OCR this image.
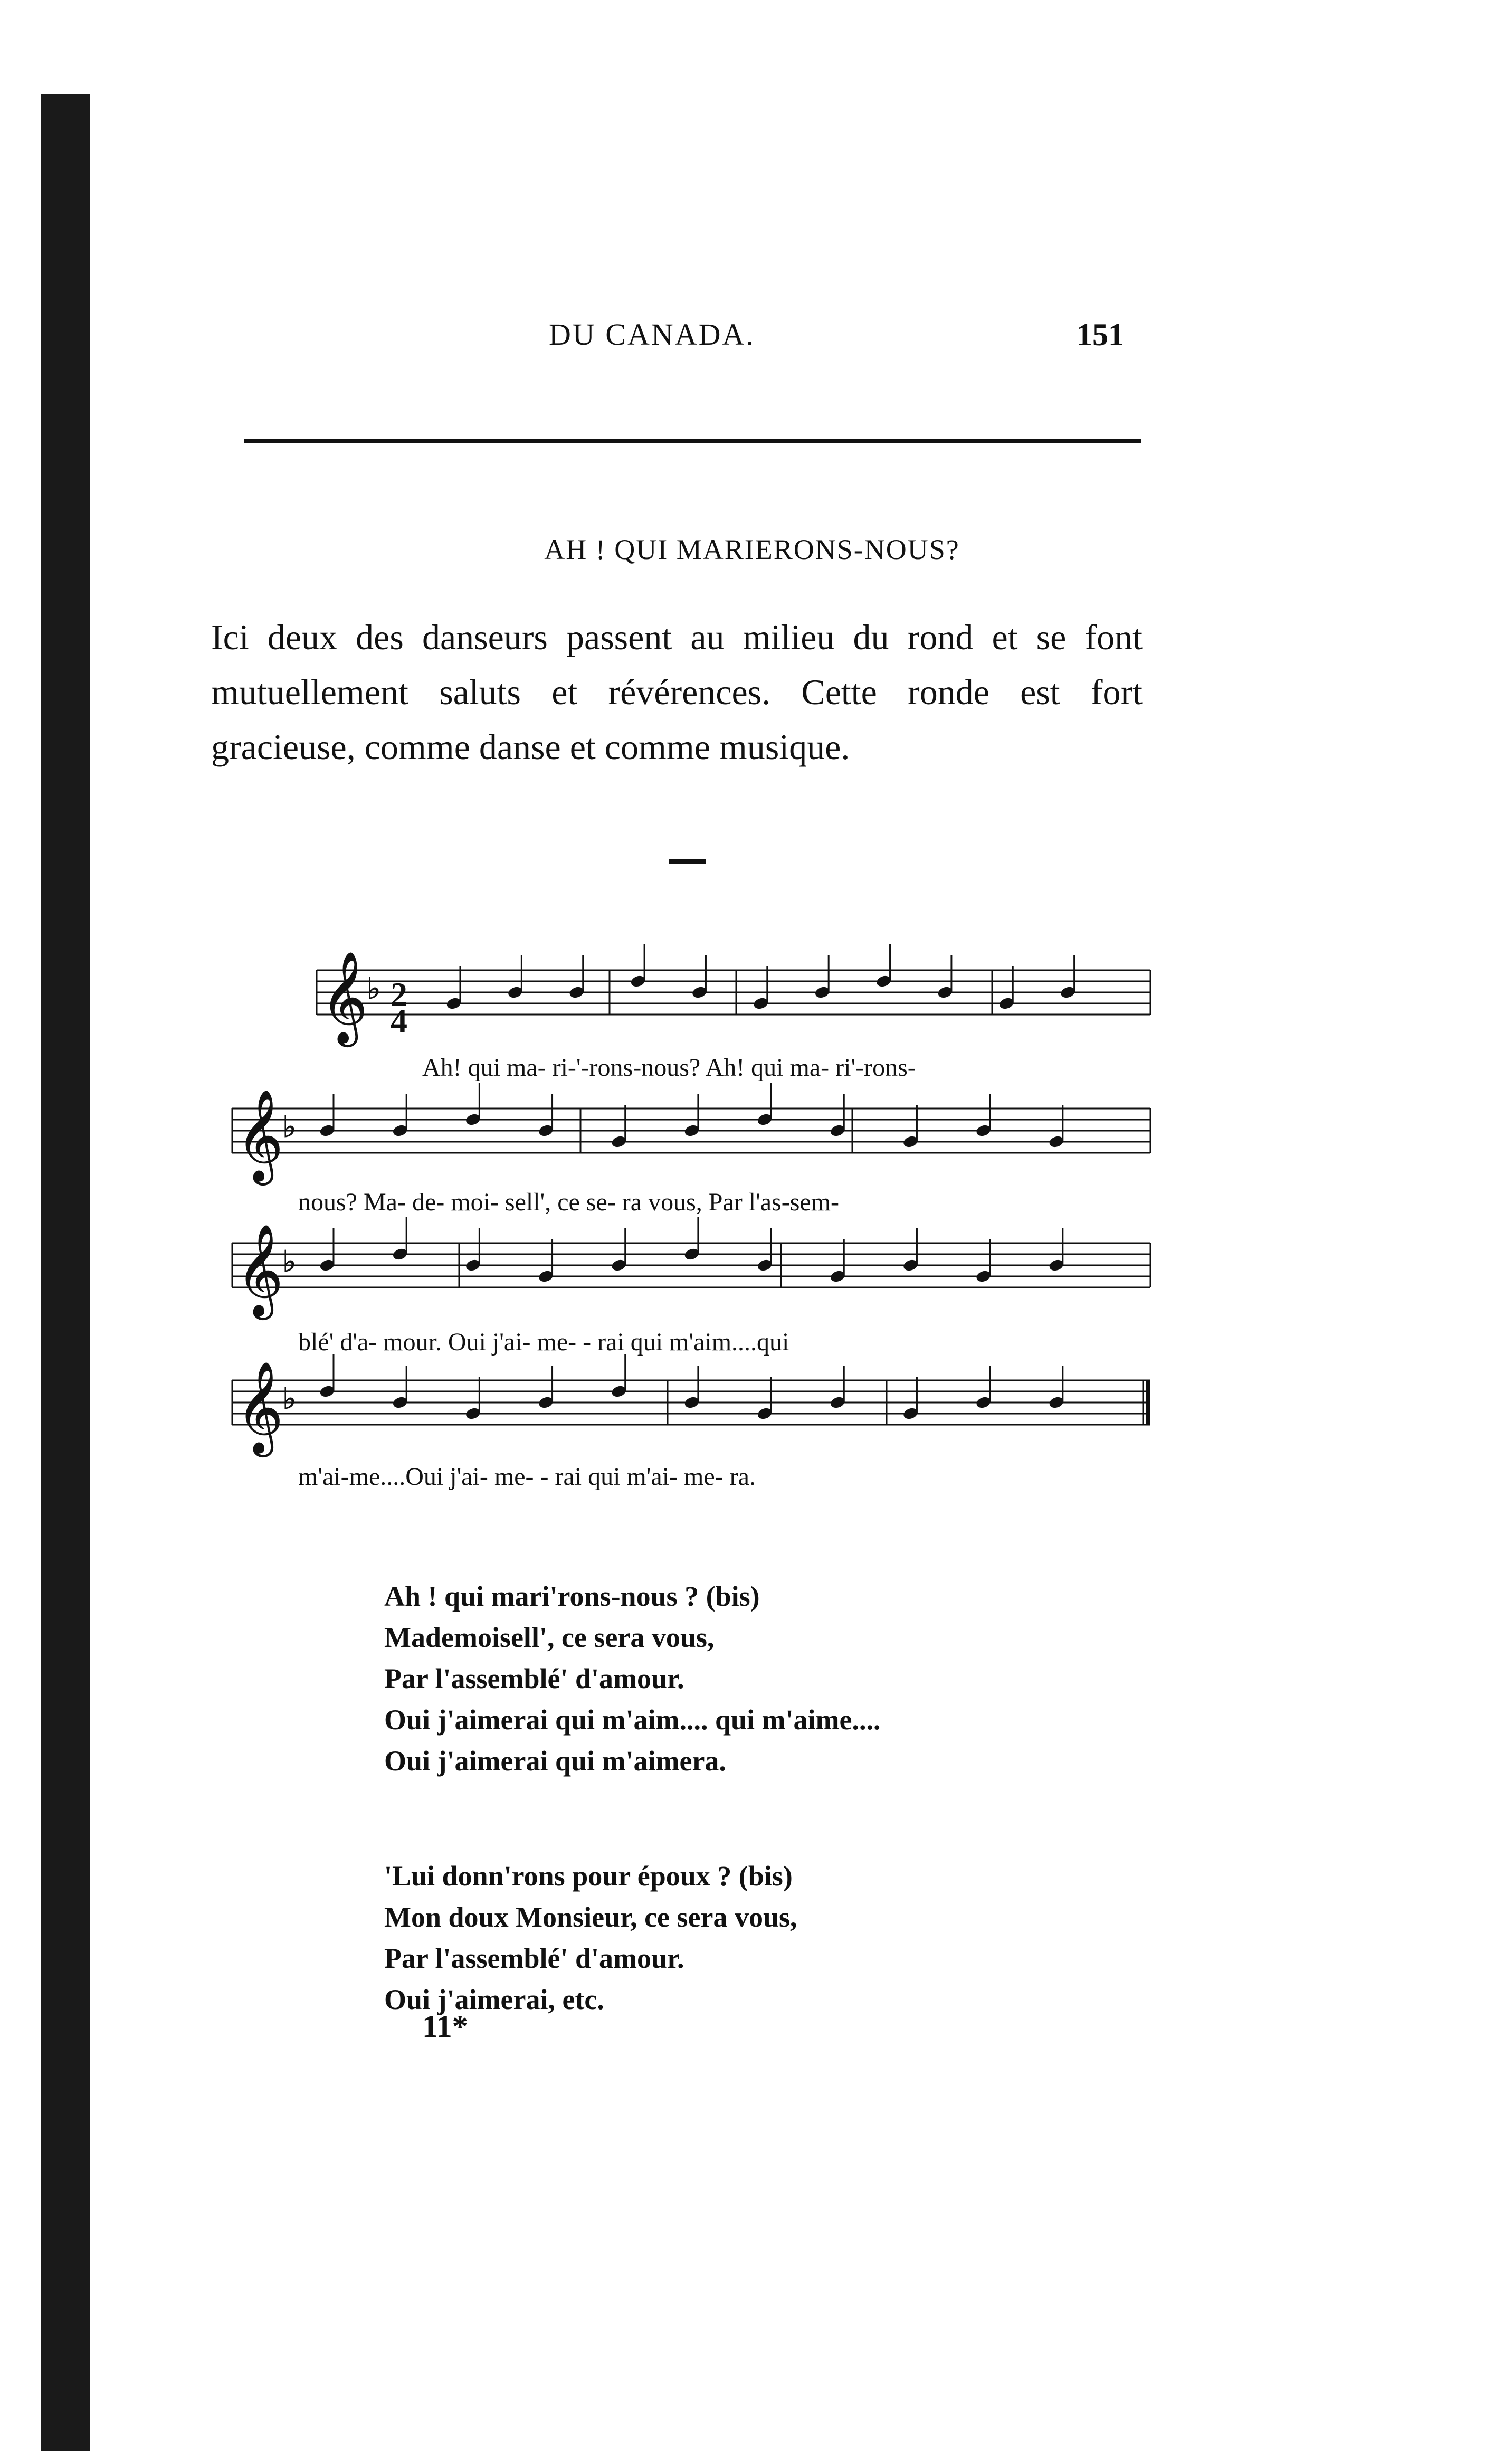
DU CANADA.	151
AH ! QUI MARIERONS-NOUS?
Ici deux des danseurs passent au milieu du rond et se font mutuellement saluts et révérences. Cette ronde est fort gracieuse, comme danse et comme musique.
𝄞
♭
𝄞
♭
𝄞
♭
𝄞
♭
2
4
Ah! qui ma- ri-'-rons-nous? Ah! qui ma- ri'-rons-
nous? Ma- de- moi- sell', ce se- ra vous, Par l'as-sem-
blé' d'a- mour. Oui j'ai- me- - rai qui m'aim....qui
m'ai-me....Oui j'ai- me- - rai qui m'ai- me- ra.
Ah ! qui mari'rons-nous ? (bis)
Mademoisell', ce sera vous,
Par l'assemblé' d'amour.
Oui j'aimerai qui m'aim.... qui m'aime....
Oui j'aimerai qui m'aimera.
'Lui donn'rons pour époux ? (bis)
Mon doux Monsieur, ce sera vous,
Par l'assemblé' d'amour.
Oui j'aimerai, etc.
11*
